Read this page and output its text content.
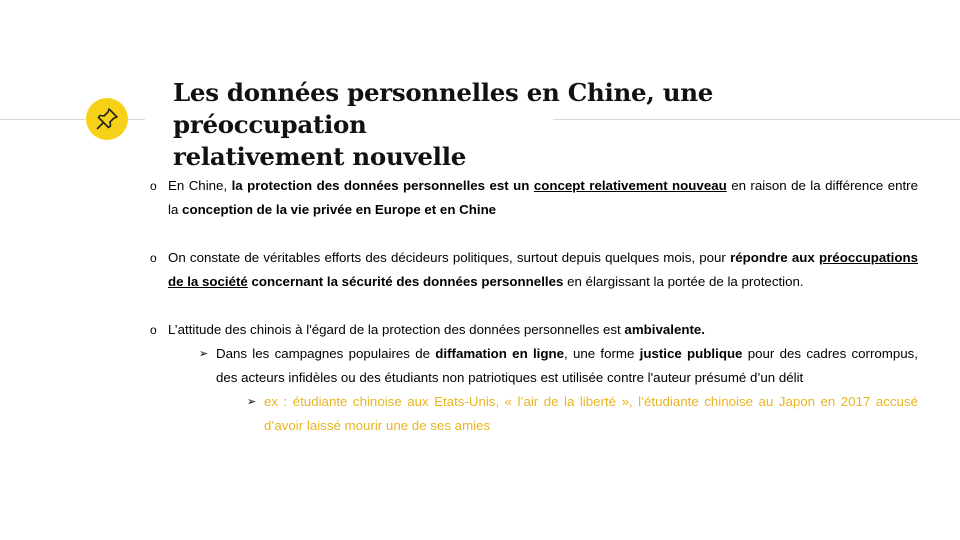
Les données personnelles en Chine, une préoccupation
relativement nouvelle
o En Chine, la protection des données personnelles est un concept relativement nouveau en raison de la différence entre la conception de la vie privée en Europe et en Chine
o On constate de véritables efforts des décideurs politiques, surtout depuis quelques mois, pour répondre aux préoccupations de la société concernant la sécurité des données personnelles en élargissant la portée de la protection.
o L’attitude des chinois à l'égard de la protection des données personnelles est ambivalente.
➢ Dans les campagnes populaires de diffamation en ligne, une forme justice publique pour des cadres corrompus, des acteurs infidèles ou des étudiants non patriotiques est utilisée contre l'auteur présumé d’un délit
➢ ex : étudiante chinoise aux Etats-Unis, « l’air de la liberté », l’étudiante chinoise au Japon en 2017 accusé d’avoir laissé mourir une de ses amies
